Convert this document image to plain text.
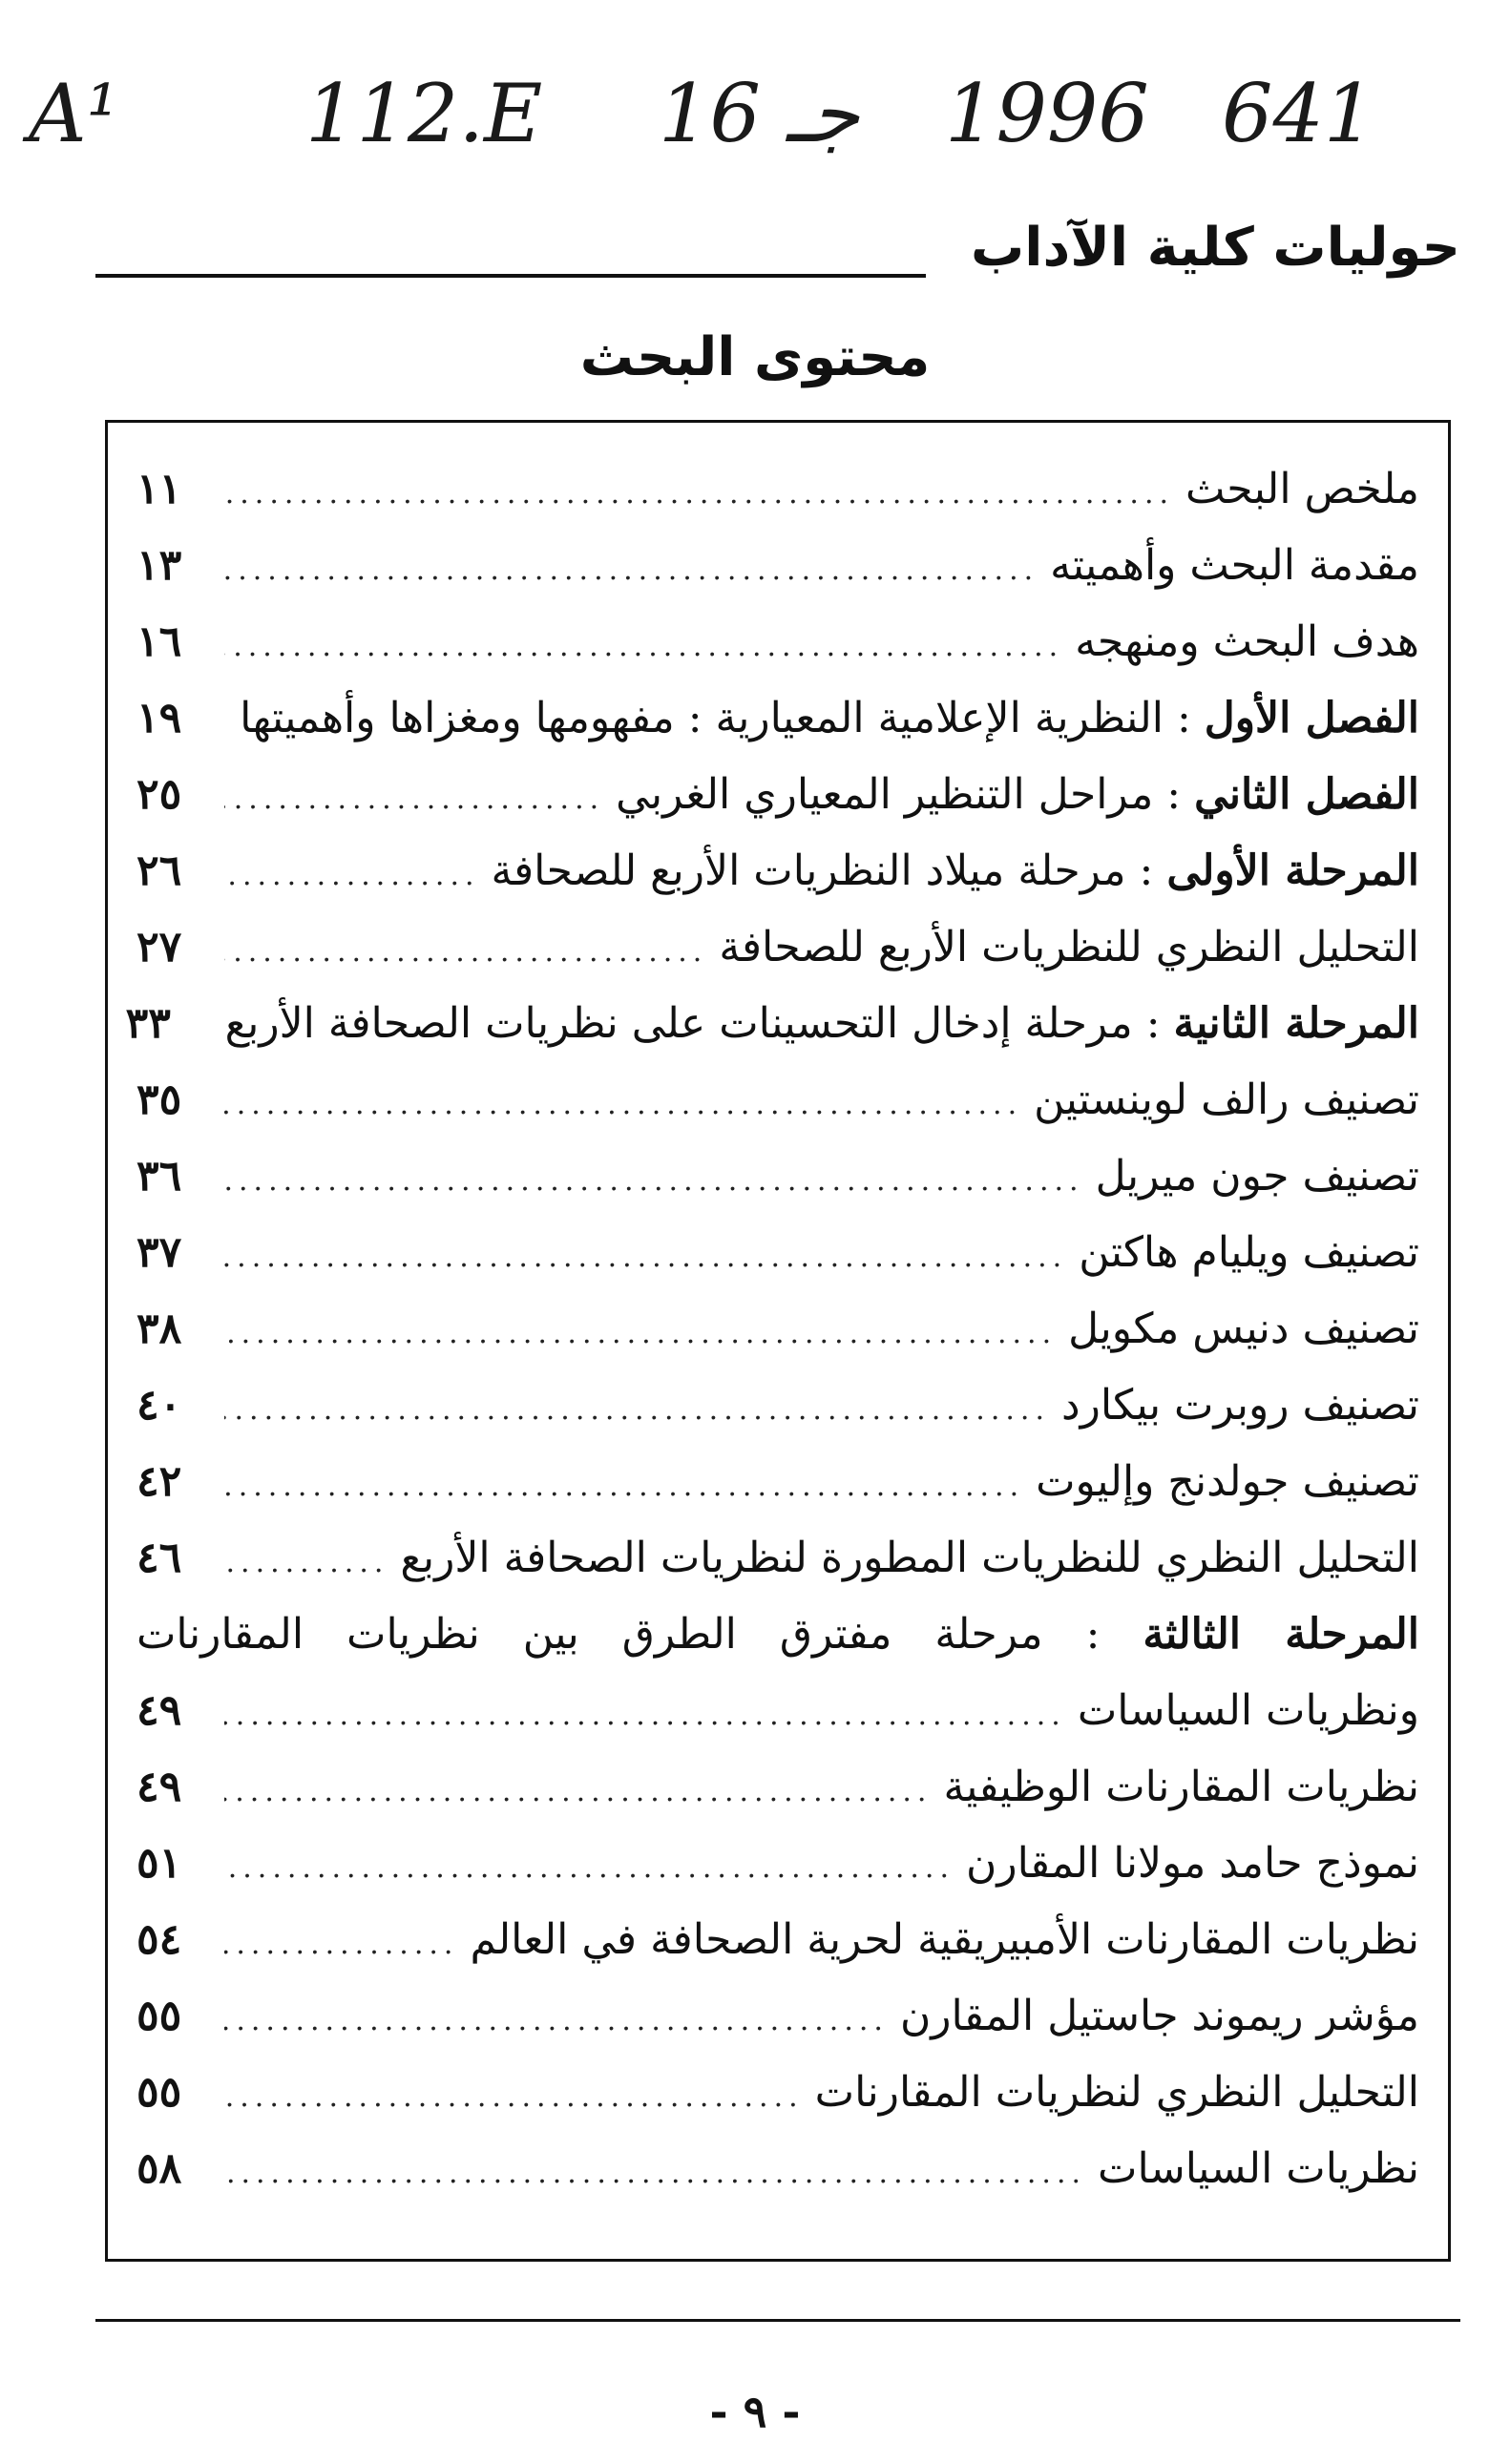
A¹ 112.E 16 جـ 1996 641
حوليات كلية الآداب
محتوى البحث
ملخص البحث
.....
١١
مقدمة البحث وأهميته
.....
١٣
هدف البحث ومنهجه
.....
١٦
الفصل الأول : النظرية الإعلامية المعيارية : مفهومها ومغزاها وأهميتها
.....
١٩
الفصل الثاني : مراحل التنظير المعياري الغربي
.....
٢٥
المرحلة الأولى : مرحلة ميلاد النظريات الأربع للصحافة
.....
٢٦
التحليل النظري للنظريات الأربع للصحافة
.....
٢٧
المرحلة الثانية : مرحلة إدخال التحسينات على نظريات الصحافة الأربع
٣٣
تصنيف رالف لوينستين
.....
٣٥
تصنيف جون ميريل
.....
٣٦
تصنيف ويليام هاكتن
.....
٣٧
تصنيف دنيس مكويل
.....
٣٨
تصنيف روبرت بيكارد
.....
٤٠
تصنيف جولدنج وإليوت
.....
٤٢
التحليل النظري للنظريات المطورة لنظريات الصحافة الأربع
.....
٤٦
المرحلة الثالثة : مرحلة مفترق الطرق بين نظريات المقارنات
ونظريات السياسات
.....
٤٩
نظريات المقارنات الوظيفية
.....
٤٩
نموذج حامد مولانا المقارن
.....
٥١
نظريات المقارنات الأمبيريقية لحرية الصحافة في العالم
.....
٥٤
مؤشر ريموند جاستيل المقارن
.....
٥٥
التحليل النظري لنظريات المقارنات
.....
٥٥
نظريات السياسات
.....
٥٨
- ٩ -
